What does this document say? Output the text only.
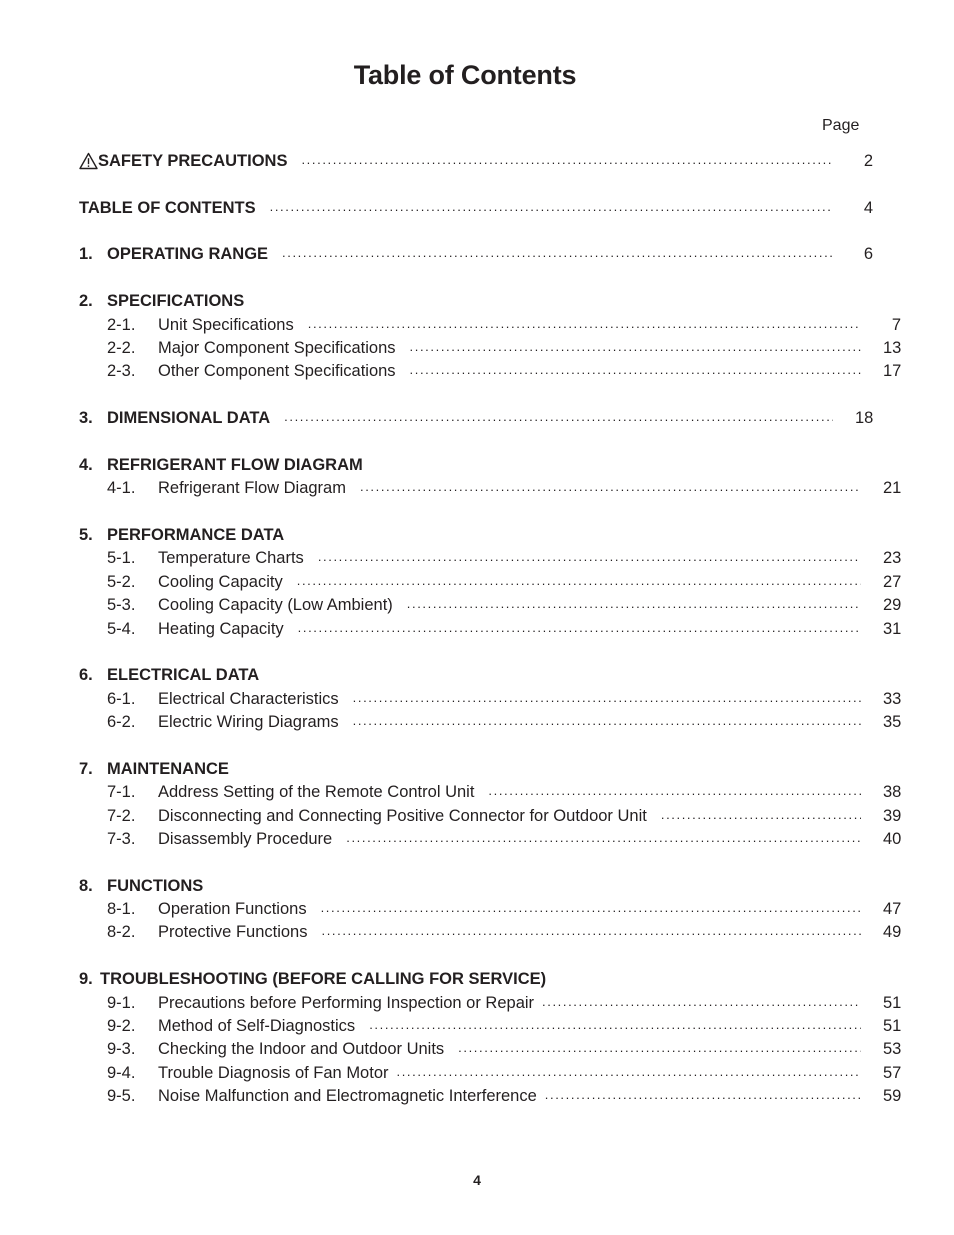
Table of Contents
Page
SAFETY PRECAUTIONS .....	2
TABLE OF CONTENTS .....	4
1. OPERATING RANGE .....	6
2. SPECIFICATIONS
2-1.	Unit Specifications .....	7
2-2.	Major Component Specifications .....	13
2-3.	Other Component Specifications .....	17
3. DIMENSIONAL DATA .....	18
4. REFRIGERANT FLOW DIAGRAM
4-1.	Refrigerant Flow Diagram .....	21
5. PERFORMANCE DATA
5-1.	Temperature Charts .....	23
5-2.	Cooling Capacity .....	27
5-3.	Cooling Capacity (Low Ambient) .....	29
5-4.	Heating Capacity .....	31
6. ELECTRICAL DATA
6-1.	Electrical Characteristics .....	33
6-2.	Electric Wiring Diagrams .....	35
7. MAINTENANCE
7-1.	Address Setting of the Remote Control Unit .....	38
7-2.	Disconnecting and Connecting Positive Connector for Outdoor Unit .....	39
7-3.	Disassembly Procedure .....	40
8. FUNCTIONS
8-1.	Operation Functions .....	47
8-2.	Protective Functions .....	49
9. TROUBLESHOOTING (BEFORE CALLING FOR SERVICE)
9-1.	Precautions before Performing Inspection or Repair .....	51
9-2.	Method of Self-Diagnostics .....	51
9-3.	Checking the Indoor and Outdoor Units .....	53
9-4.	Trouble Diagnosis of Fan Motor .....	57
9-5.	Noise Malfunction and Electromagnetic Interference .....	59
4
